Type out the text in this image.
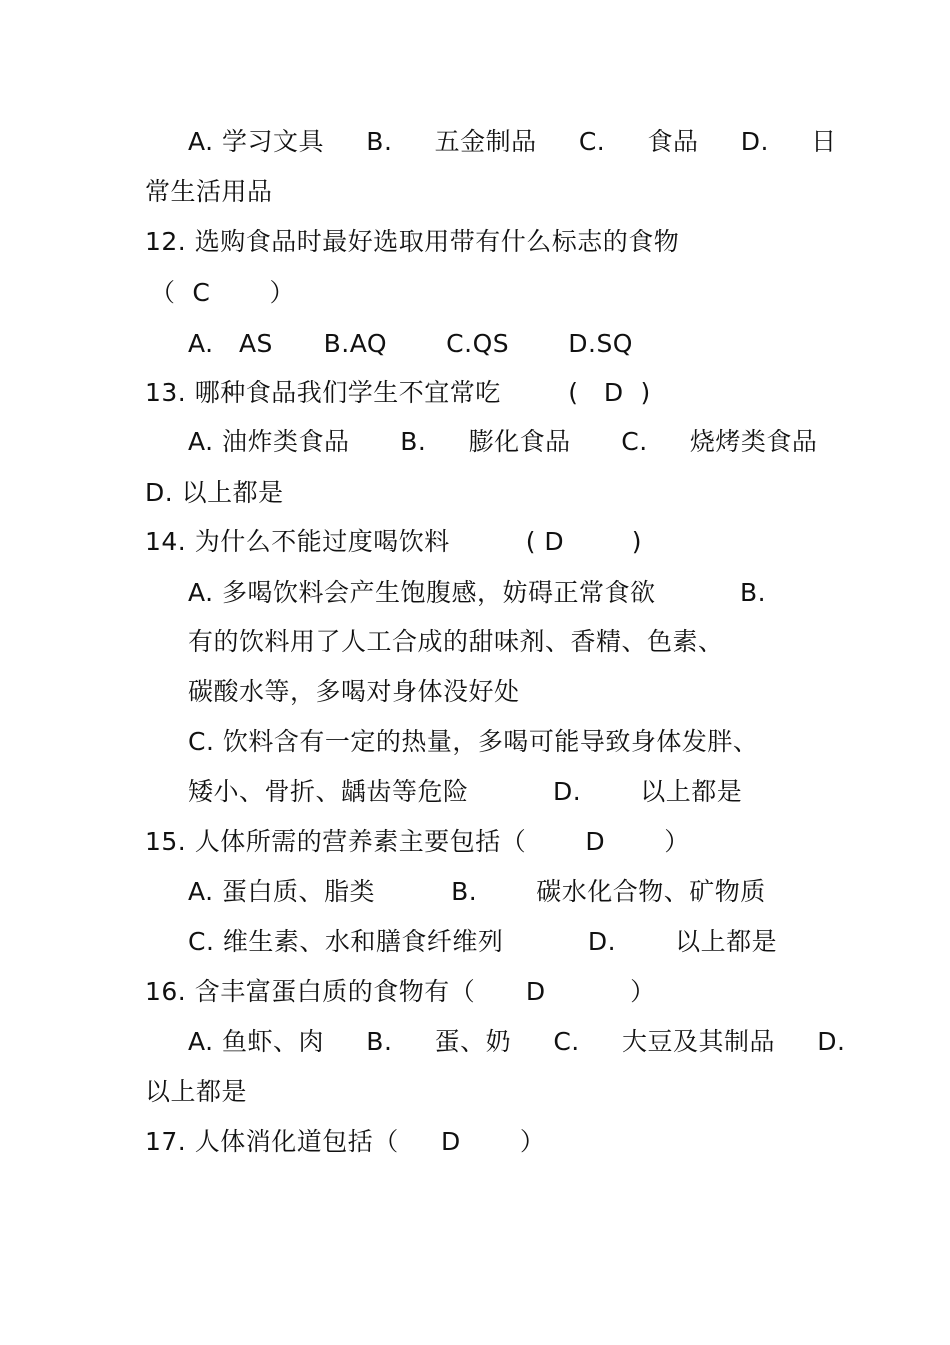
A. 学习文具     B.     五金制品     C.     食品     D.     日
常生活用品
12. 选购食品时最好选取用带有什么标志的食物
（  C       ）
A.   AS      B.AQ       C.QS       D.SQ
13. 哪种食品我们学生不宜常吃        (   D  )
A. 油炸类食品      B.     膨化食品      C.     烧烤类食品
D. 以上都是
14. 为什么不能过度喝饮料         ( D        )
A. 多喝饮料会产生饱腹感，妨碍正常食欲          B.
有的饮料用了人工合成的甜味剂、香精、色素、
碳酸水等，多喝对身体没好处
C. 饮料含有一定的热量，多喝可能导致身体发胖、
矮小、骨折、龋齿等危险          D.       以上都是
15. 人体所需的营养素主要包括（       D       ）
A. 蛋白质、脂类         B.       碳水化合物、矿物质
C. 维生素、水和膳食纤维列          D.       以上都是
16. 含丰富蛋白质的食物有（      D          ）
A. 鱼虾、肉     B.     蛋、奶     C.     大豆及其制品     D.
以上都是
17. 人体消化道包括（     D       ）
